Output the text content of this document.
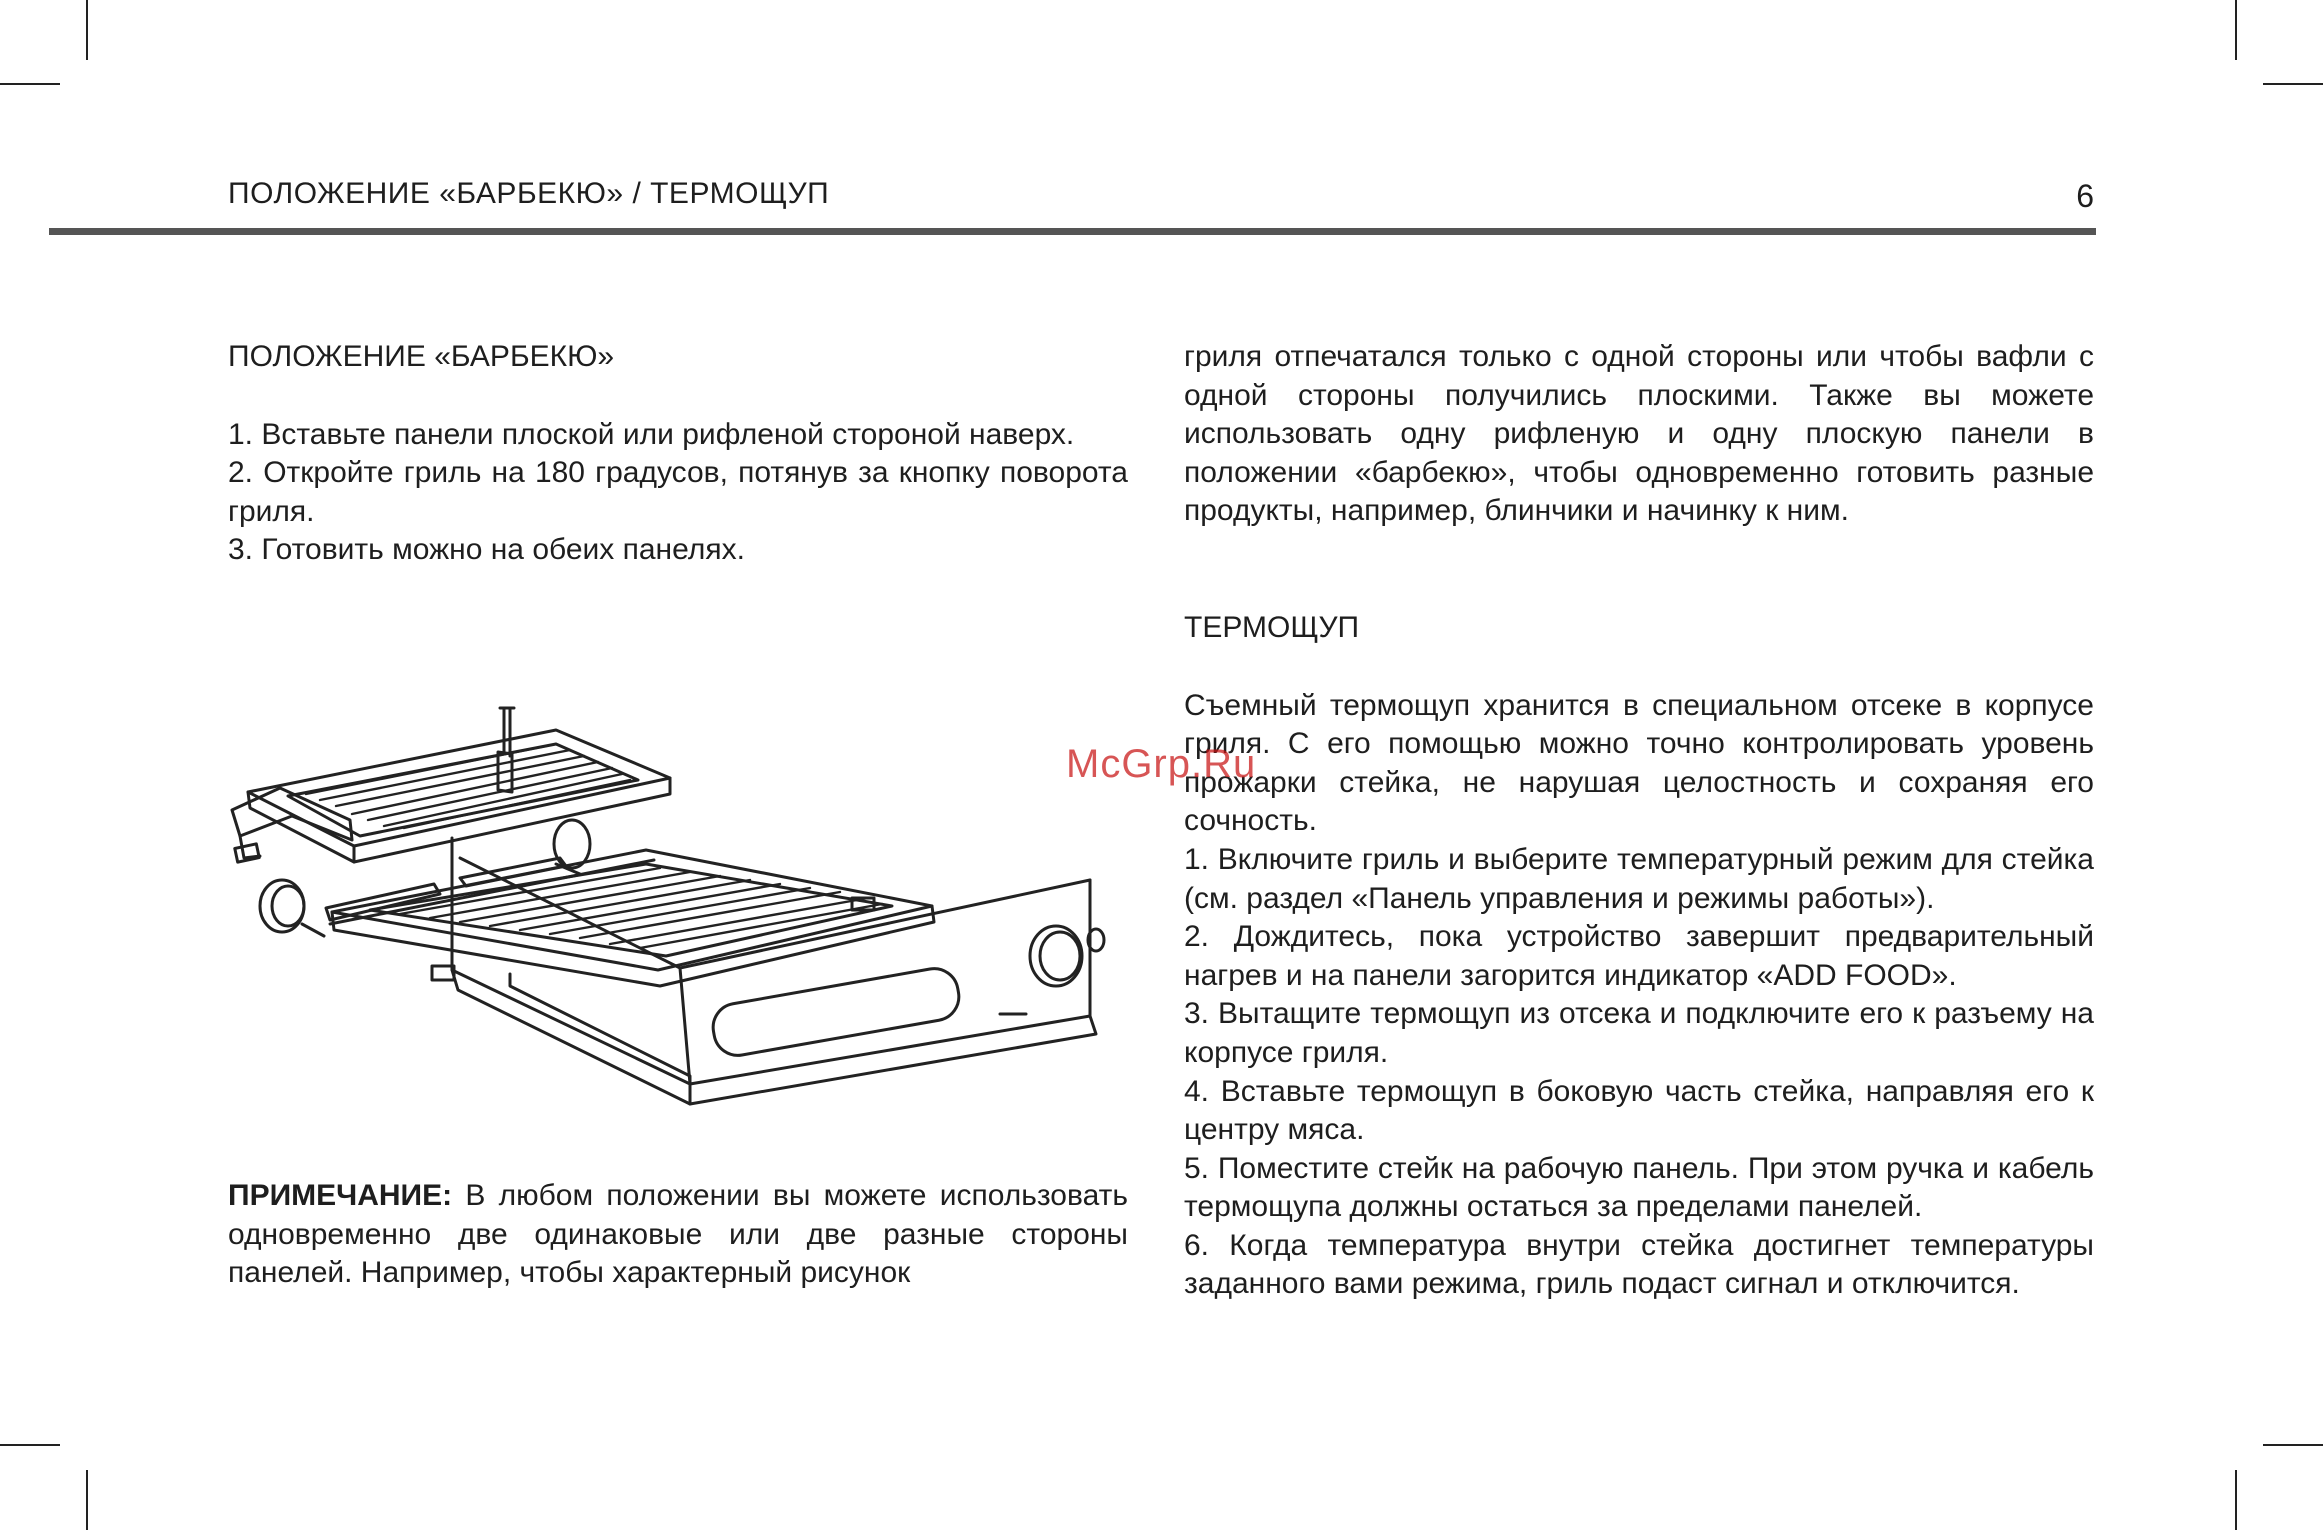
ПОЛОЖЕНИЕ «БАРБЕКЮ» / ТЕРМОЩУП	6

ПОЛОЖЕНИЕ «БАРБЕКЮ»

1. Вставьте панели плоской или рифленой стороной наверх.

2. Откройте гриль на 180 градусов, потянув за кнопку поворота гриля.

3. Готовить можно на обеих панелях.

ПРИМЕЧАНИЕ: В любом положении вы можете использовать одновременно две одинаковые или две разные стороны панелей. Например, чтобы характерный рисунок

гриля отпечатался только с одной стороны или чтобы вафли с одной стороны получились плоскими. Также вы можете использовать одну рифленую и одну плоскую панели в положении «барбекю», чтобы одновременно готовить разные продукты, например, блинчики и начинку к ним.

ТЕРМОЩУП

Съемный термощуп хранится в специальном отсеке в корпусе гриля. С его помощью можно точно контролировать уровень прожарки стейка, не нарушая целостность и сохраняя его сочность.

1. Включите гриль и выберите температурный режим для стейка (см. раздел «Панель управления и режимы работы»).

2. Дождитесь, пока устройство завершит предварительный нагрев и на панели загорится индикатор «ADD FOOD».

3. Вытащите термощуп из отсека и подключите его к разъему на корпусе гриля.

4. Вставьте термощуп в боковую часть стейка, направляя его к центру мяса.

5. Поместите стейк на рабочую панель. При этом ручка и кабель термощупа должны остаться за пределами панелей.

6. Когда температура внутри стейка достигнет температуры заданного вами режима, гриль подаст сигнал и отключится.

McGrp.Ru
